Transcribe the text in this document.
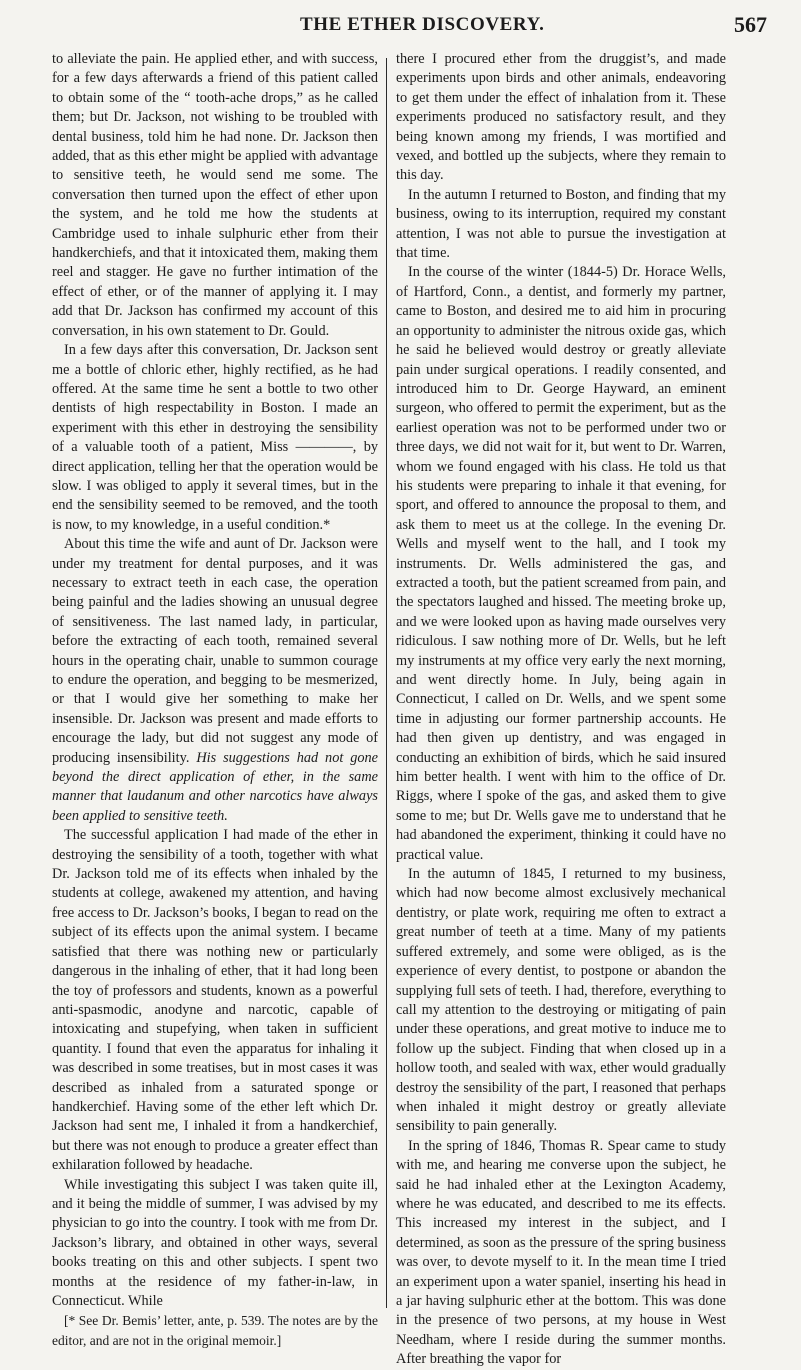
THE ETHER DISCOVERY.	567

to alleviate the pain. He applied ether, and with success, for a few days afterwards a friend of this patient called to obtain some of the “ tooth-ache drops,” as he called them; but Dr. Jackson, not wishing to be troubled with dental business, told him he had none. Dr. Jackson then added, that as this ether might be applied with advantage to sensitive teeth, he would send me some. The conversation then turned upon the effect of ether upon the system, and he told me how the students at Cambridge used to inhale sulphuric ether from their handkerchiefs, and that it intoxicated them, making them reel and stagger. He gave no further intimation of the effect of ether, or of the manner of applying it. I may add that Dr. Jackson has confirmed my account of this conversation, in his own statement to Dr. Gould.

In a few days after this conversation, Dr. Jackson sent me a bottle of chloric ether, highly rectified, as he had offered. At the same time he sent a bottle to two other dentists of high respectability in Boston. I made an experiment with this ether in destroying the sensibility of a valuable tooth of a patient, Miss ————, by direct application, telling her that the operation would be slow. I was obliged to apply it several times, but in the end the sensibility seemed to be removed, and the tooth is now, to my knowledge, in a useful condition.*

About this time the wife and aunt of Dr. Jackson were under my treatment for dental purposes, and it was necessary to extract teeth in each case, the operation being painful and the ladies showing an unusual degree of sensitiveness. The last named lady, in particular, before the extracting of each tooth, remained several hours in the operating chair, unable to summon courage to endure the operation, and begging to be mesmerized, or that I would give her something to make her insensible. Dr. Jackson was present and made efforts to encourage the lady, but did not suggest any mode of producing insensibility. His suggestions had not gone beyond the direct application of ether, in the same manner that laudanum and other narcotics have always been applied to sensitive teeth.

The successful application I had made of the ether in destroying the sensibility of a tooth, together with what Dr. Jackson told me of its effects when inhaled by the students at college, awakened my attention, and having free access to Dr. Jackson’s books, I began to read on the subject of its effects upon the animal system. I became satisfied that there was nothing new or particularly dangerous in the inhaling of ether, that it had long been the toy of professors and students, known as a powerful anti-spasmodic, anodyne and narcotic, capable of intoxicating and stupefying, when taken in sufficient quantity. I found that even the apparatus for inhaling it was described in some treatises, but in most cases it was described as inhaled from a saturated sponge or handkerchief. Having some of the ether left which Dr. Jackson had sent me, I inhaled it from a handkerchief, but there was not enough to produce a greater effect than exhilaration followed by headache.

While investigating this subject I was taken quite ill, and it being the middle of summer, I was advised by my physician to go into the country. I took with me from Dr. Jackson’s library, and obtained in other ways, several books treating on this and other subjects. I spent two months at the residence of my father-in-law, in Connecticut. While

[* See Dr. Bemis’ letter, ante, p. 539. The notes are by the editor, and are not in the original memoir.]

there I procured ether from the druggist’s, and made experiments upon birds and other animals, endeavoring to get them under the effect of inhalation from it. These experiments produced no satisfactory result, and they being known among my friends, I was mortified and vexed, and bottled up the subjects, where they remain to this day.

In the autumn I returned to Boston, and finding that my business, owing to its interruption, required my constant attention, I was not able to pursue the investigation at that time.

In the course of the winter (1844-5) Dr. Horace Wells, of Hartford, Conn., a dentist, and formerly my partner, came to Boston, and desired me to aid him in procuring an opportunity to administer the nitrous oxide gas, which he said he believed would destroy or greatly alleviate pain under surgical operations. I readily consented, and introduced him to Dr. George Hayward, an eminent surgeon, who offered to permit the experiment, but as the earliest operation was not to be performed under two or three days, we did not wait for it, but went to Dr. Warren, whom we found engaged with his class. He told us that his students were preparing to inhale it that evening, for sport, and offered to announce the proposal to them, and ask them to meet us at the college. In the evening Dr. Wells and myself went to the hall, and I took my instruments. Dr. Wells administered the gas, and extracted a tooth, but the patient screamed from pain, and the spectators laughed and hissed. The meeting broke up, and we were looked upon as having made ourselves very ridiculous. I saw nothing more of Dr. Wells, but he left my instruments at my office very early the next morning, and went directly home. In July, being again in Connecticut, I called on Dr. Wells, and we spent some time in adjusting our former partnership accounts. He had then given up dentistry, and was engaged in conducting an exhibition of birds, which he said insured him better health. I went with him to the office of Dr. Riggs, where I spoke of the gas, and asked them to give some to me; but Dr. Wells gave me to understand that he had abandoned the experiment, thinking it could have no practical value.

In the autumn of 1845, I returned to my business, which had now become almost exclusively mechanical dentistry, or plate work, requiring me often to extract a great number of teeth at a time. Many of my patients suffered extremely, and some were obliged, as is the experience of every dentist, to postpone or abandon the supplying full sets of teeth. I had, therefore, everything to call my attention to the destroying or mitigating of pain under these operations, and great motive to induce me to follow up the subject. Finding that when closed up in a hollow tooth, and sealed with wax, ether would gradually destroy the sensibility of the part, I reasoned that perhaps when inhaled it might destroy or greatly alleviate sensibility to pain generally.

In the spring of 1846, Thomas R. Spear came to study with me, and hearing me converse upon the subject, he said he had inhaled ether at the Lexington Academy, where he was educated, and described to me its effects. This increased my interest in the subject, and I determined, as soon as the pressure of the spring business was over, to devote myself to it. In the mean time I tried an experiment upon a water spaniel, inserting his head in a jar having sulphuric ether at the bottom. This was done in the presence of two persons, at my house in West Needham, where I reside during the summer months. After breathing the vapor for
